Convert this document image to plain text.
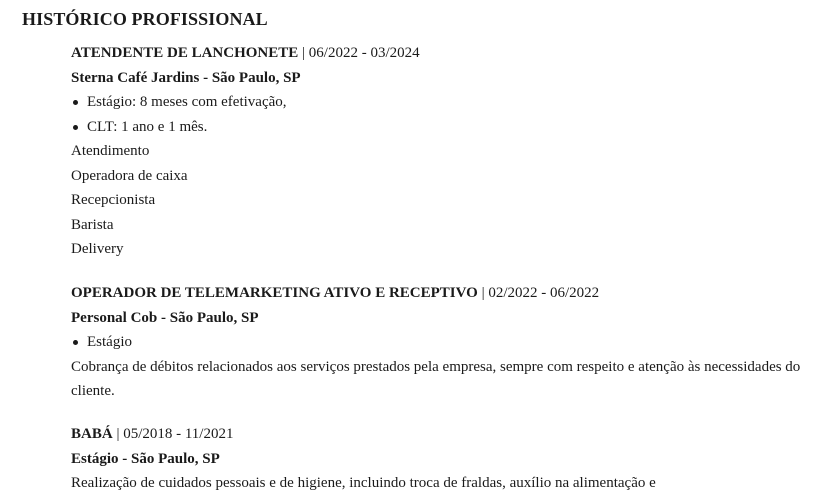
HISTÓRICO PROFISSIONAL
ATENDENTE DE LANCHONETE | 06/2022 - 03/2024
Sterna Café Jardins - São Paulo, SP
Estágio: 8 meses com efetivação,
CLT: 1 ano e 1 mês.
Atendimento
Operadora de caixa
Recepcionista
Barista
Delivery
OPERADOR DE TELEMARKETING ATIVO E RECEPTIVO | 02/2022 - 06/2022
Personal Cob - São Paulo, SP
Estágio
Cobrança de débitos relacionados aos serviços prestados pela empresa, sempre com respeito e atenção às necessidades do cliente.
BABÁ | 05/2018 - 11/2021
Estágio - São Paulo, SP
Realização de cuidados pessoais e de higiene, incluindo troca de fraldas, auxílio na alimentação e
